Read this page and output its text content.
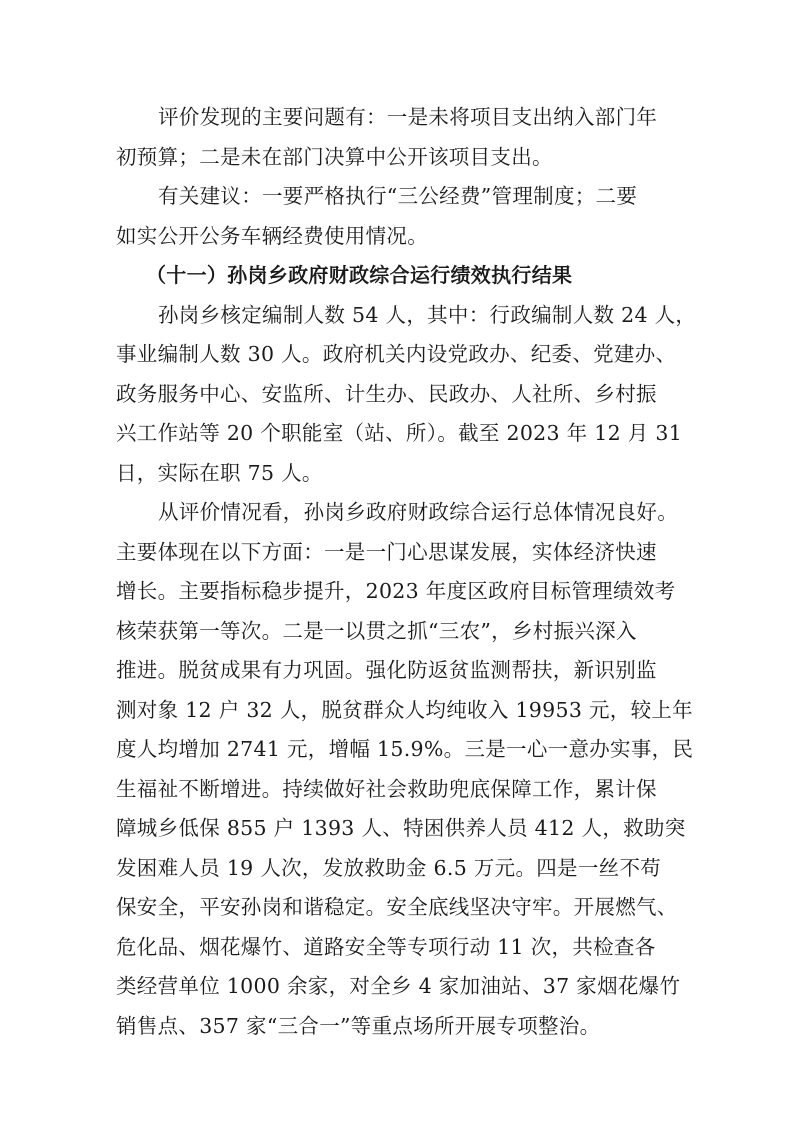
评价发现的主要问题有：一是未将项目支出纳入部门年
初预算；二是未在部门决算中公开该项目支出。
有关建议：一要严格执行“三公经费”管理制度；二要
如实公开公务车辆经费使用情况。
（十一）孙岗乡政府财政综合运行绩效执行结果
孙岗乡核定编制人数 54 人，其中：行政编制人数 24 人，
事业编制人数 30 人。政府机关内设党政办、纪委、党建办、
政务服务中心、安监所、计生办、民政办、人社所、乡村振
兴工作站等 20 个职能室（站、所）。截至 2023 年 12 月 31
日，实际在职 75 人。
从评价情况看，孙岗乡政府财政综合运行总体情况良好。
主要体现在以下方面：一是一门心思谋发展，实体经济快速
增长。主要指标稳步提升，2023 年度区政府目标管理绩效考
核荣获第一等次。二是一以贯之抓“三农”，乡村振兴深入
推进。脱贫成果有力巩固。强化防返贫监测帮扶，新识别监
测对象 12 户 32 人，脱贫群众人均纯收入 19953 元，较上年
度人均增加 2741 元，增幅 15.9%。三是一心一意办实事，民
生福祉不断增进。持续做好社会救助兜底保障工作，累计保
障城乡低保 855 户 1393 人、特困供养人员 412 人，救助突
发困难人员 19 人次，发放救助金 6.5 万元。四是一丝不苟
保安全，平安孙岗和谐稳定。安全底线坚决守牢。开展燃气、
危化品、烟花爆竹、道路安全等专项行动 11 次，共检查各
类经营单位 1000 余家，对全乡 4 家加油站、37 家烟花爆竹
销售点、357 家“三合一”等重点场所开展专项整治。
